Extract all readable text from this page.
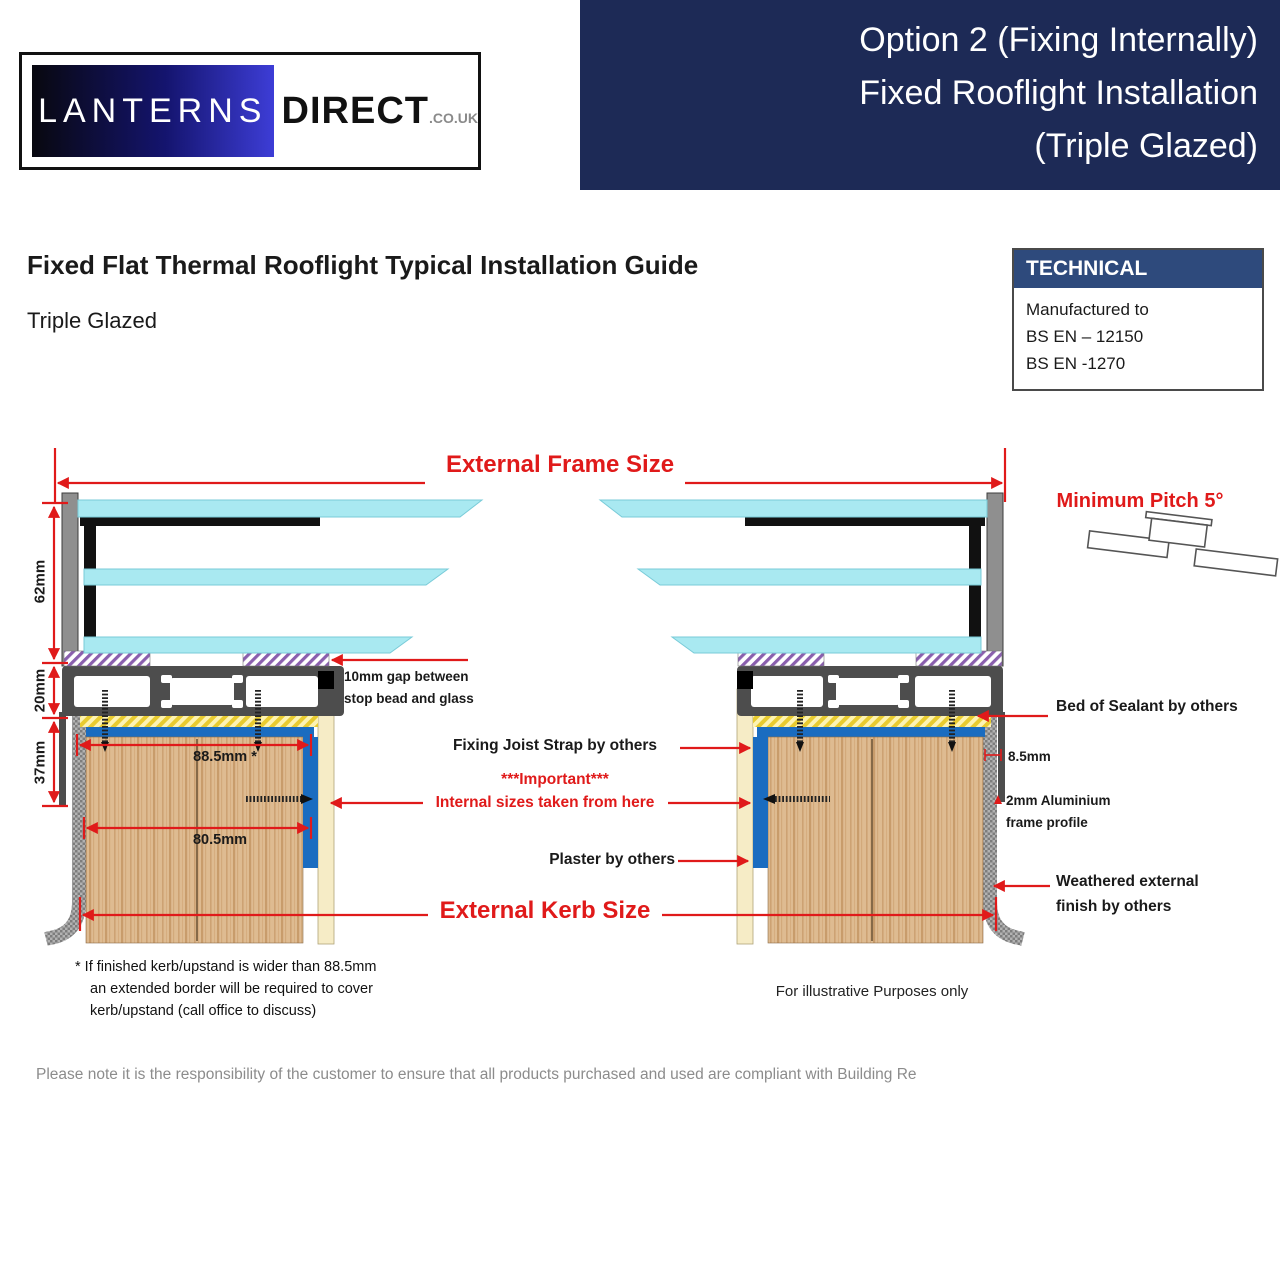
Option 2 (Fixing Internally)
Fixed Rooflight Installation
(Triple Glazed)
LANTERNS DIRECT .CO.UK
Fixed Flat Thermal Rooflight Typical Installation Guide
Triple Glazed
TECHNICAL
Manufactured to
BS EN – 12150
BS EN -1270
External Frame Size
Minimum Pitch 5°
62mm
20mm
37mm
10mm gap between
stop bead and glass
88.5mm *
80.5mm
Fixing Joist Strap by others
***Important***
Internal sizes taken from here
Plaster by others
External Kerb Size
Bed of Sealant by others
8.5mm
2mm Aluminium
frame profile
Weathered external
finish by others
* If finished kerb/upstand is wider than 88.5mm
an extended border will be required to cover
kerb/upstand (call office to discuss)
For illustrative Purposes only
Please note it is the responsibility of the customer to ensure that all products purchased and used are compliant with Building Re
